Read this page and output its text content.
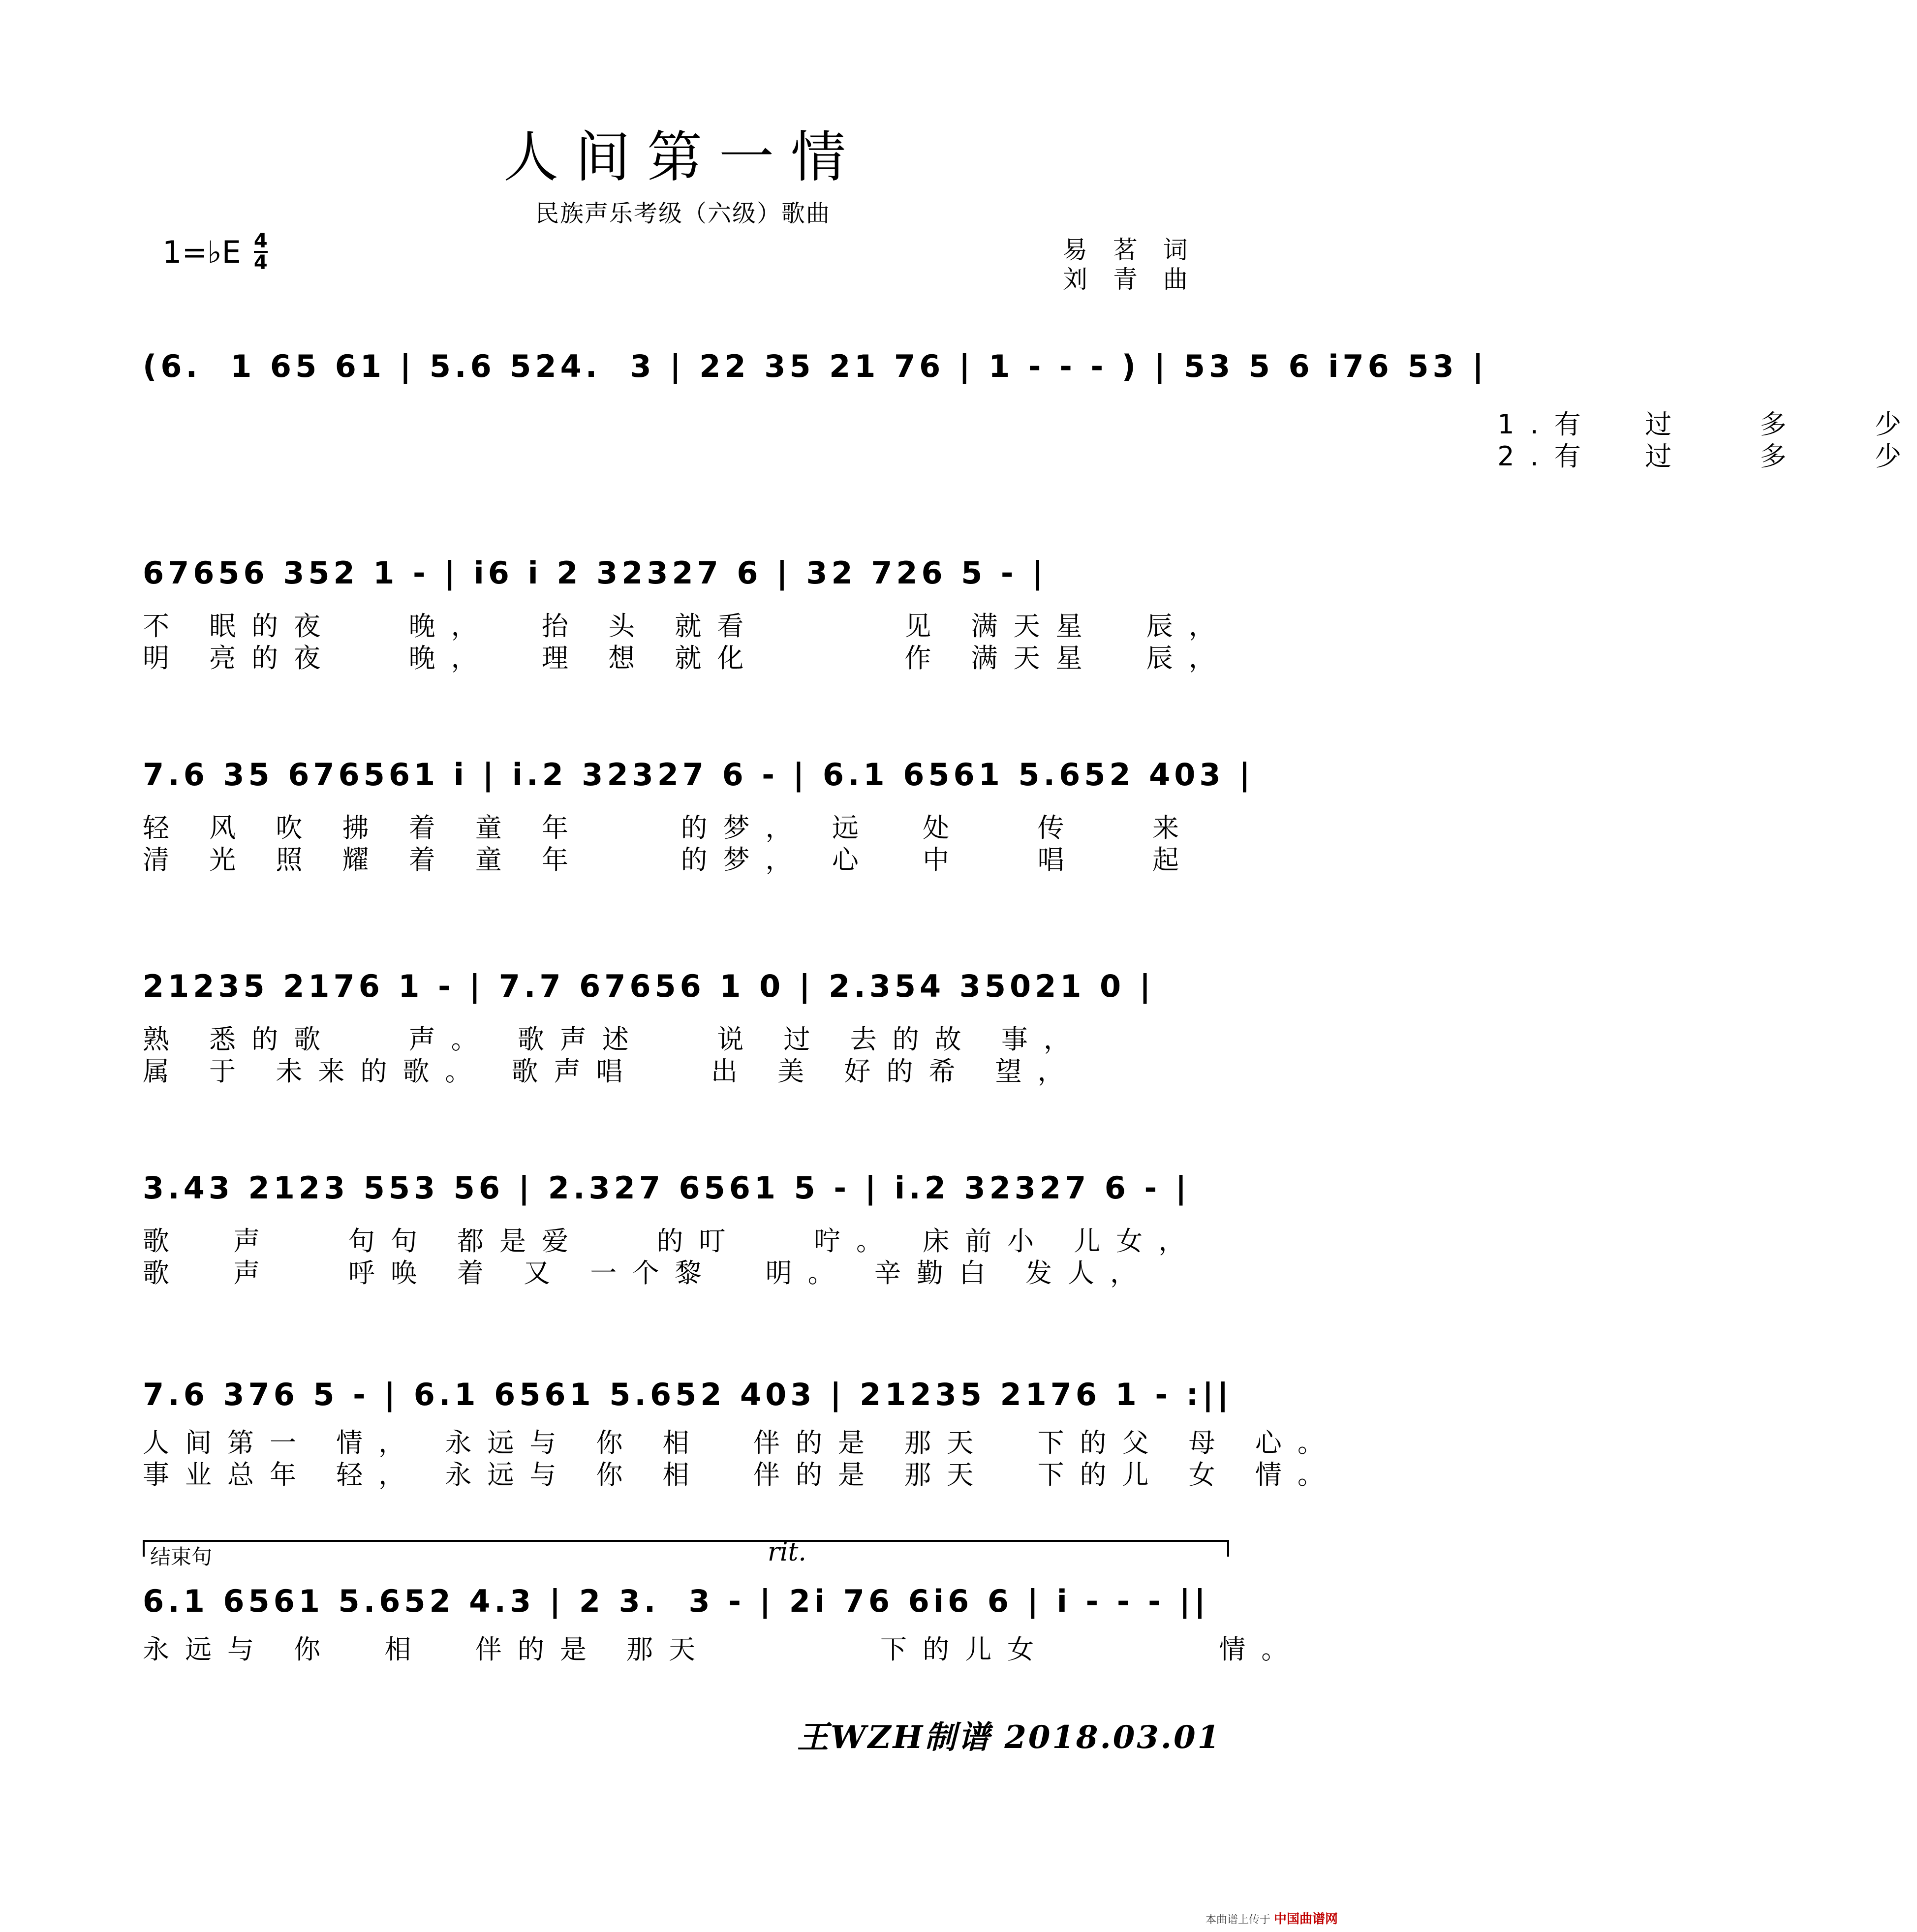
人间第一情
民族声乐考级（六级）歌曲
1=♭E $\frac{4}{4}$	易 茗 词
刘 青 曲
(6.  1 65 61 | 5.6 524.  3 | 22 35 21 76 | 1 - - - ) | 53 5 6 i76 53 |
1.有  过   多   少
2.有  过   多   少
67656 352 1 - | i6 i 2 32327 6 | 32 726 5 - |
不 眠的夜   晚，  抬 头 就看      见 满天星  辰，
明 亮的夜   晚，  理 想 就化      作 满天星  辰，
7.6 35 676561 i | i.2 32327 6 - | 6.1 6561 5.652 403 |
轻 风 吹 拂 着 童 年    的梦， 远  处   传   来
清 光 照 耀 着 童 年    的梦， 心  中   唱   起
21235 2176 1 - | 7.7 67656 1 0 | 2.354 35021 0 |
熟 悉的歌   声。 歌声述   说 过 去的故 事，
属 于 未来的歌。 歌声唱   出 美 好的希 望，
3.43 2123 553 56 | 2.327 6561 5 - | i.2 32327 6 - |
歌  声   句句 都是爱   的叮   咛。 床前小 儿女，
歌  声   呼唤 着 又 一个黎  明。 辛勤白 发人，
7.6 376 5 - | 6.1 6561 5.652 403 | 21235 2176 1 - :||
人间第一 情， 永远与 你 相  伴的是 那天  下的父 母 心。
事业总年 轻， 永远与 你 相  伴的是 那天  下的儿 女 情。
结束句	rit.
6.1 6561 5.652 4.3 | 2 3.  3 - | 2i 76 6i6 6 | i - - - ||
永远与 你  相  伴的是 那天       下的儿女       情。
王WZH制谱 2018.03.01
本曲谱上传于 中国曲谱网
